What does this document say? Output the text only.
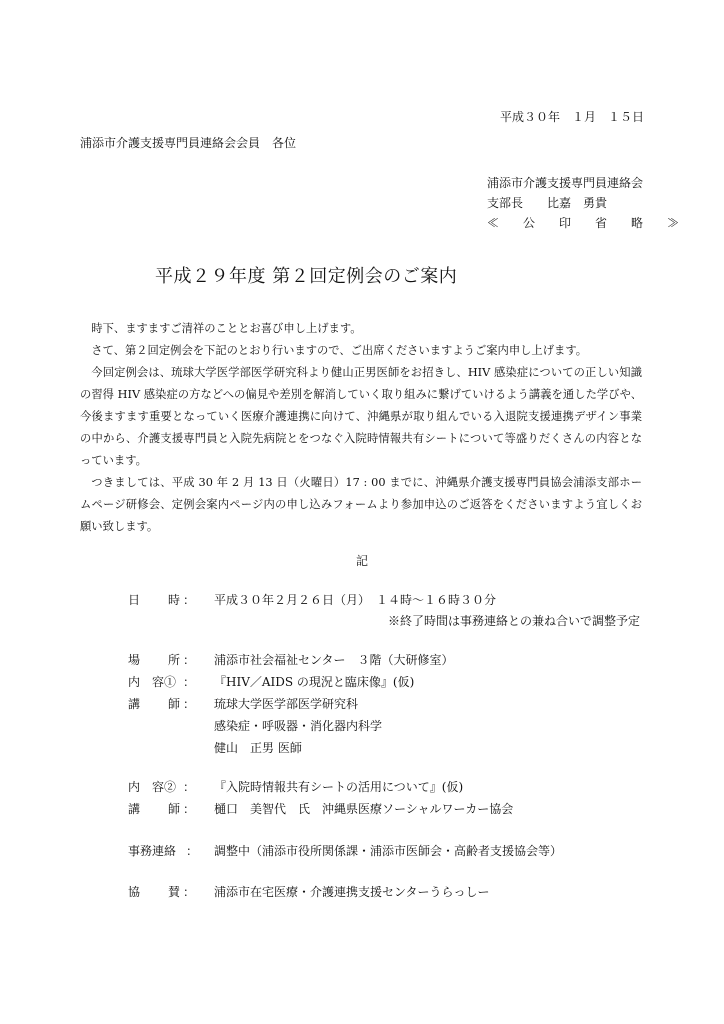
平成３０年　１月　１５日
浦添市介護支援専門員連絡会会員　各位
浦添市介護支援専門員連絡会
支部長　　比嘉　勇貴
≪　　公　　印　　省　　略　　≫
平成２９年度 第２回定例会のご案内

時下、ますますご清祥のこととお喜び申し上げます。

さて、第２回定例会を下記のとおり行いますので、ご出席くださいますようご案内申し上げます。

今回定例会は、琉球大学医学部医学研究科より健山正男医師をお招きし、HIV 感染症についての正しい知識の習得 HIV 感染症の方などへの偏見や差別を解消していく取り組みに繋げていけるよう講義を通した学びや、今後ますます重要となっていく医療介護連携に向けて、沖縄県が取り組んでいる入退院支援連携デザイン事業の中から、介護支援専門員と入院先病院とをつなぐ入院時情報共有シートについて等盛りだくさんの内容となっています。

つきましては、平成 30 年 2 月 13 日（火曜日）17 : 00 までに、沖縄県介護支援専門員協会浦添支部ホームページ研修会、定例会案内ページ内の申し込みフォームより参加申込のご返答をくださいますよう宜しくお願い致します。

記
日 時 ： 平成３０年２月２６日（月）　１４時～１６時３０分
※終了時間は事務連絡との兼ね合いで調整予定
場 所 ： 浦添市社会福祉センター　３階（大研修室）
内　容① ： 『HIV／AIDS の現況と臨床像』(仮)
講 師 ： 琉球大学医学部医学研究科
感染症・呼吸器・消化器内科学
健山　正男 医師
内　容② ： 『入院時情報共有シートの活用について』(仮)
講 師 ： 樋口　美智代　氏　沖縄県医療ソーシャルワーカー協会
事務連絡 ： 調整中（浦添市役所関係課・浦添市医師会・高齢者支援協会等）
協 賛 ： 浦添市在宅医療・介護連携支援センターうらっしー
